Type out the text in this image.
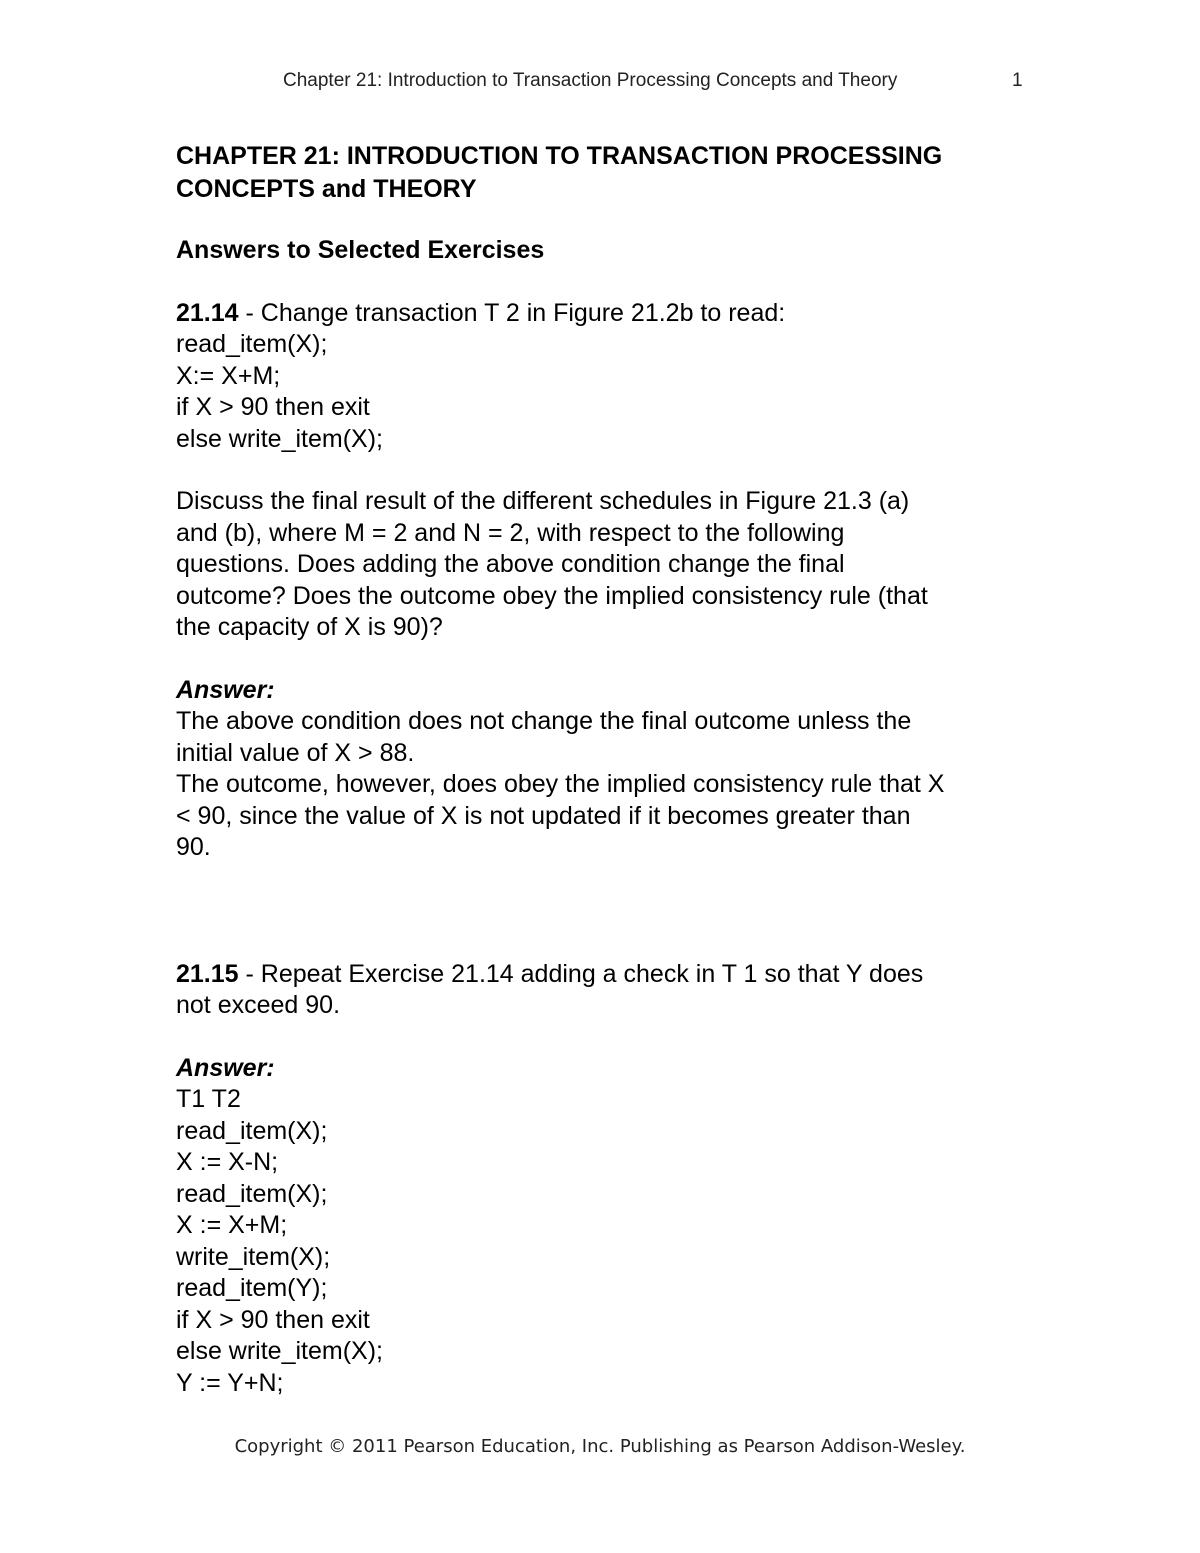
Chapter 21: Introduction to Transaction Processing Concepts and Theory	1

CHAPTER 21: INTRODUCTION TO TRANSACTION PROCESSING

CONCEPTS and THEORY

Answers to Selected Exercises

21.14 - Change transaction T 2 in Figure 21.2b to read:

read_item(X);

X:= X+M;

if X > 90 then exit

else write_item(X);

Discuss the final result of the different schedules in Figure 21.3 (a)

and (b), where M = 2 and N = 2, with respect to the following

questions. Does adding the above condition change the final

outcome? Does the outcome obey the implied consistency rule (that

the capacity of X is 90)?

Answer:

The above condition does not change the final outcome unless the

initial value of X > 88.

The outcome, however, does obey the implied consistency rule that X

< 90, since the value of X is not updated if it becomes greater than

90.

21.15 - Repeat Exercise 21.14 adding a check in T 1 so that Y does

not exceed 90.

Answer:

T1 T2

read_item(X);

X := X-N;

read_item(X);

X := X+M;

write_item(X);

read_item(Y);

if X > 90 then exit

else write_item(X);

Y := Y+N;

Copyright © 2011 Pearson Education, Inc. Publishing as Pearson Addison-Wesley.
